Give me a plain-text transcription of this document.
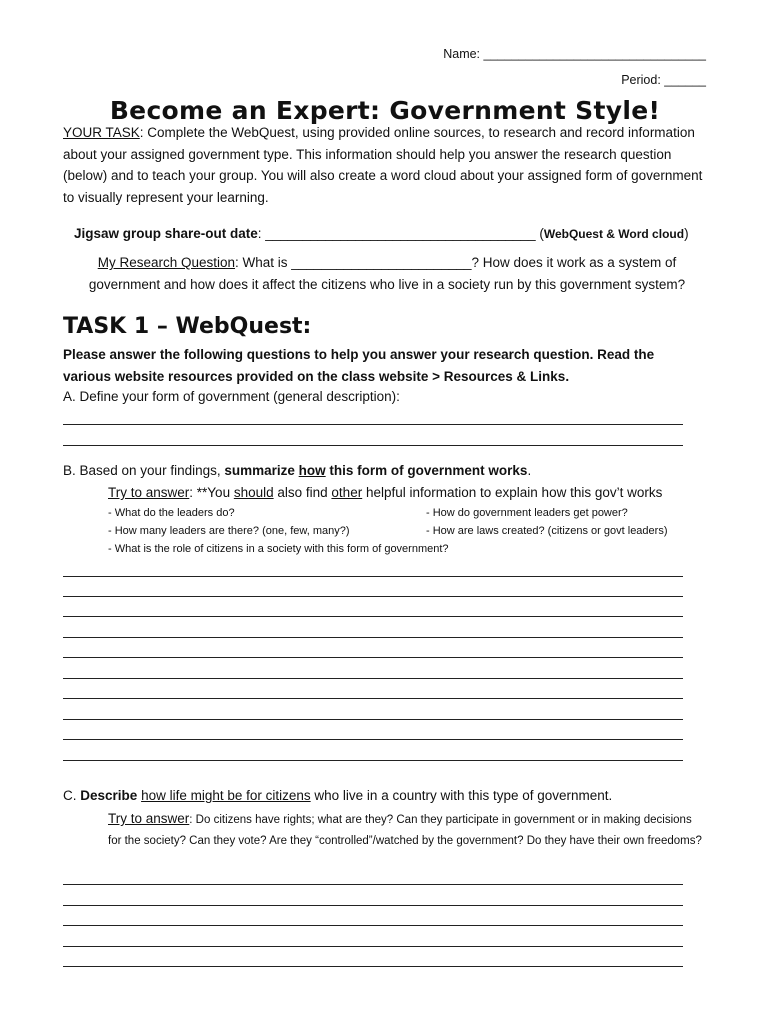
Name: ________________________________
Period: ______
Become an Expert: Government Style!
YOUR TASK: Complete the WebQuest, using provided online sources, to research and record information about your assigned government type. This information should help you answer the research question (below) and to teach your group. You will also create a word cloud about your assigned form of government to visually represent your learning.
Jigsaw group share-out date: ____________________________________ (WebQuest & Word cloud)
My Research Question: What is ________________________? How does it work as a system of government and how does it affect the citizens who live in a society run by this government system?
TASK 1 – WebQuest:
Please answer the following questions to help you answer your research question. Read the various website resources provided on the class website > Resources & Links.
A. Define your form of government (general description):
B. Based on your findings, summarize how this form of government works.
Try to answer: **You should also find other helpful information to explain how this gov’t works
- What do the leaders do?	- How do government leaders get power?
- How many leaders are there? (one, few, many?)	- How are laws created? (citizens or govt leaders)
- What is the role of citizens in a society with this form of government?
C. Describe how life might be for citizens who live in a country with this type of government.
Try to answer: Do citizens have rights; what are they? Can they participate in government or in making decisions for the society? Can they vote? Are they “controlled”/watched by the government? Do they have their own freedoms?
